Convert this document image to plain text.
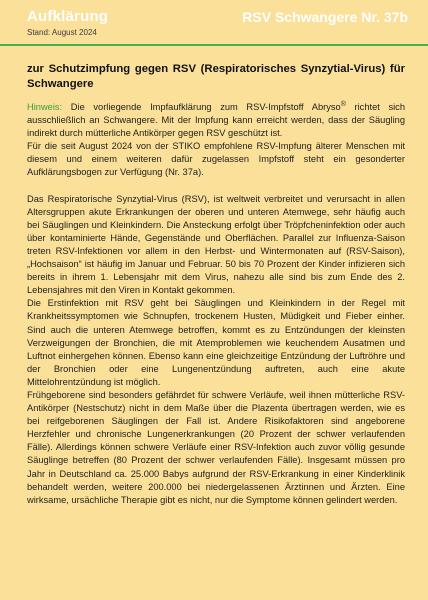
Aufklärung
Stand: August 2024
RSV Schwangere Nr. 37b
zur Schutzimpfung gegen RSV (Respiratorisches Synzytial-Virus) für Schwangere

Hinweis: Die vorliegende Impfaufklärung zum RSV-Impfstoff Abryso® richtet sich ausschließlich an Schwangere. Mit der Impfung kann erreicht werden, dass der Säugling indirekt durch mütterliche Antikörper gegen RSV geschützt ist.

Für die seit August 2024 von der STIKO empfohlene RSV-Impfung älterer Menschen mit diesem und einem weiteren dafür zugelassen Impfstoff steht ein gesonderter Aufklärungsbogen zur Verfügung (Nr. 37a).

Das Respiratorische Synzytial-Virus (RSV), ist weltweit verbreitet und verursacht in allen Altersgruppen akute Erkrankungen der oberen und unteren Atemwege, sehr häufig auch bei Säuglingen und Kleinkindern. Die Ansteckung erfolgt über Tröpfcheninfektion oder auch über kontaminierte Hände, Gegenstände und Oberflächen. Parallel zur Influenza-Saison treten RSV-Infektionen vor allem in den Herbst- und Wintermonaten auf (RSV-Saison), „Hochsaison“ ist häufig im Januar und Februar. 50 bis 70 Prozent der Kinder infizieren sich bereits in ihrem 1. Lebensjahr mit dem Virus, nahezu alle sind bis zum Ende des 2. Lebensjahres mit den Viren in Kontakt gekommen.

Die Erstinfektion mit RSV geht bei Säuglingen und Kleinkindern in der Regel mit Krankheitssymptomen wie Schnupfen, trockenem Husten, Müdigkeit und Fieber einher. Sind auch die unteren Atemwege betroffen, kommt es zu Entzündungen der kleinsten Verzweigungen der Bronchien, die mit Atemproblemen wie keuchendem Ausatmen und Luftnot einhergehen können. Ebenso kann eine gleichzeitige Entzündung der Luftröhre und der Bronchien oder eine Lungenentzündung auftreten, auch eine akute Mittelohrentzündung ist möglich.

Frühgeborene sind besonders gefährdet für schwere Verläufe, weil ihnen mütterliche RSV-Antikörper (Nestschutz) nicht in dem Maße über die Plazenta übertragen werden, wie es bei reifgeborenen Säuglingen der Fall ist. Andere Risikofaktoren sind angeborene Herzfehler und chronische Lungenerkrankungen (20 Prozent der schwer verlaufenden Fälle). Allerdings können schwere Verläufe einer RSV-Infektion auch zuvor völlig gesunde Säuglinge betreffen (80 Prozent der schwer verlaufenden Fälle). Insgesamt müssen pro Jahr in Deutschland ca. 25.000 Babys aufgrund der RSV-Erkrankung in einer Kinderklinik behandelt werden, weitere 200.000 bei niedergelassenen Ärztinnen und Ärzten. Eine wirksame, ursächliche Therapie gibt es nicht, nur die Symptome können gelindert werden.
